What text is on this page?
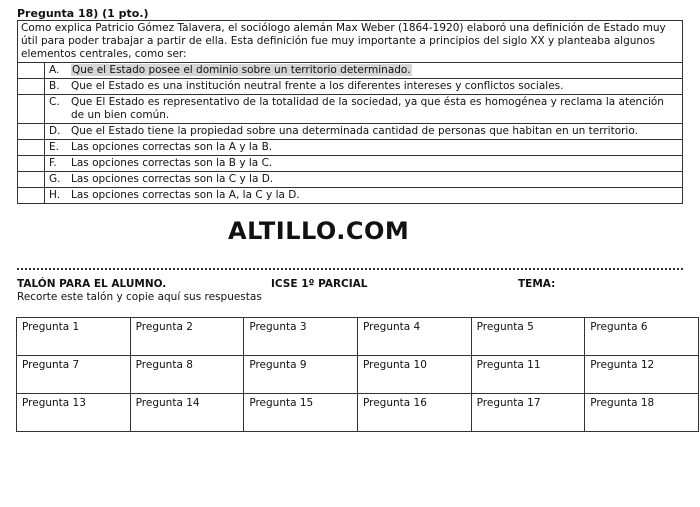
Pregunta 18) (1 pto.)
Como explica Patricio Gómez Talavera, el sociólogo alemán Max Weber (1864-1920) elaboró una definición de Estado muy útil para poder trabajar a partir de ella. Esta definición fue muy importante a principios del siglo XX y planteaba algunos elementos centrales, como ser:		
	A.	Que el Estado posee el dominio sobre un territorio determinado.
	B.	Que el Estado es una institución neutral frente a los diferentes intereses y conflictos sociales.
	C.	Que El Estado es representativo de la totalidad de la sociedad, ya que ésta es homogénea y reclama la atención de un bien común.
	D.	Que el Estado tiene la propiedad sobre una determinada cantidad de personas que habitan en un territorio.
	E.	Las opciones correctas son la A y la B.
	F.	Las opciones correctas son la B y la C.
	G.	Las opciones correctas son la C y la D.
	H.	Las opciones correctas son la A, la C y la D.
ALTILLO.COM
TALÓN PARA EL ALUMNO.	ICSE 1º PARCIAL	TEMA:
Recorte este talón y copie aquí sus respuestas
Pregunta 1	Pregunta 2	Pregunta 3	Pregunta 4	Pregunta 5	Pregunta 6
Pregunta 7	Pregunta 8	Pregunta 9	Pregunta 10	Pregunta 11	Pregunta 12
Pregunta 13	Pregunta 14	Pregunta 15	Pregunta 16	Pregunta 17	Pregunta 18
